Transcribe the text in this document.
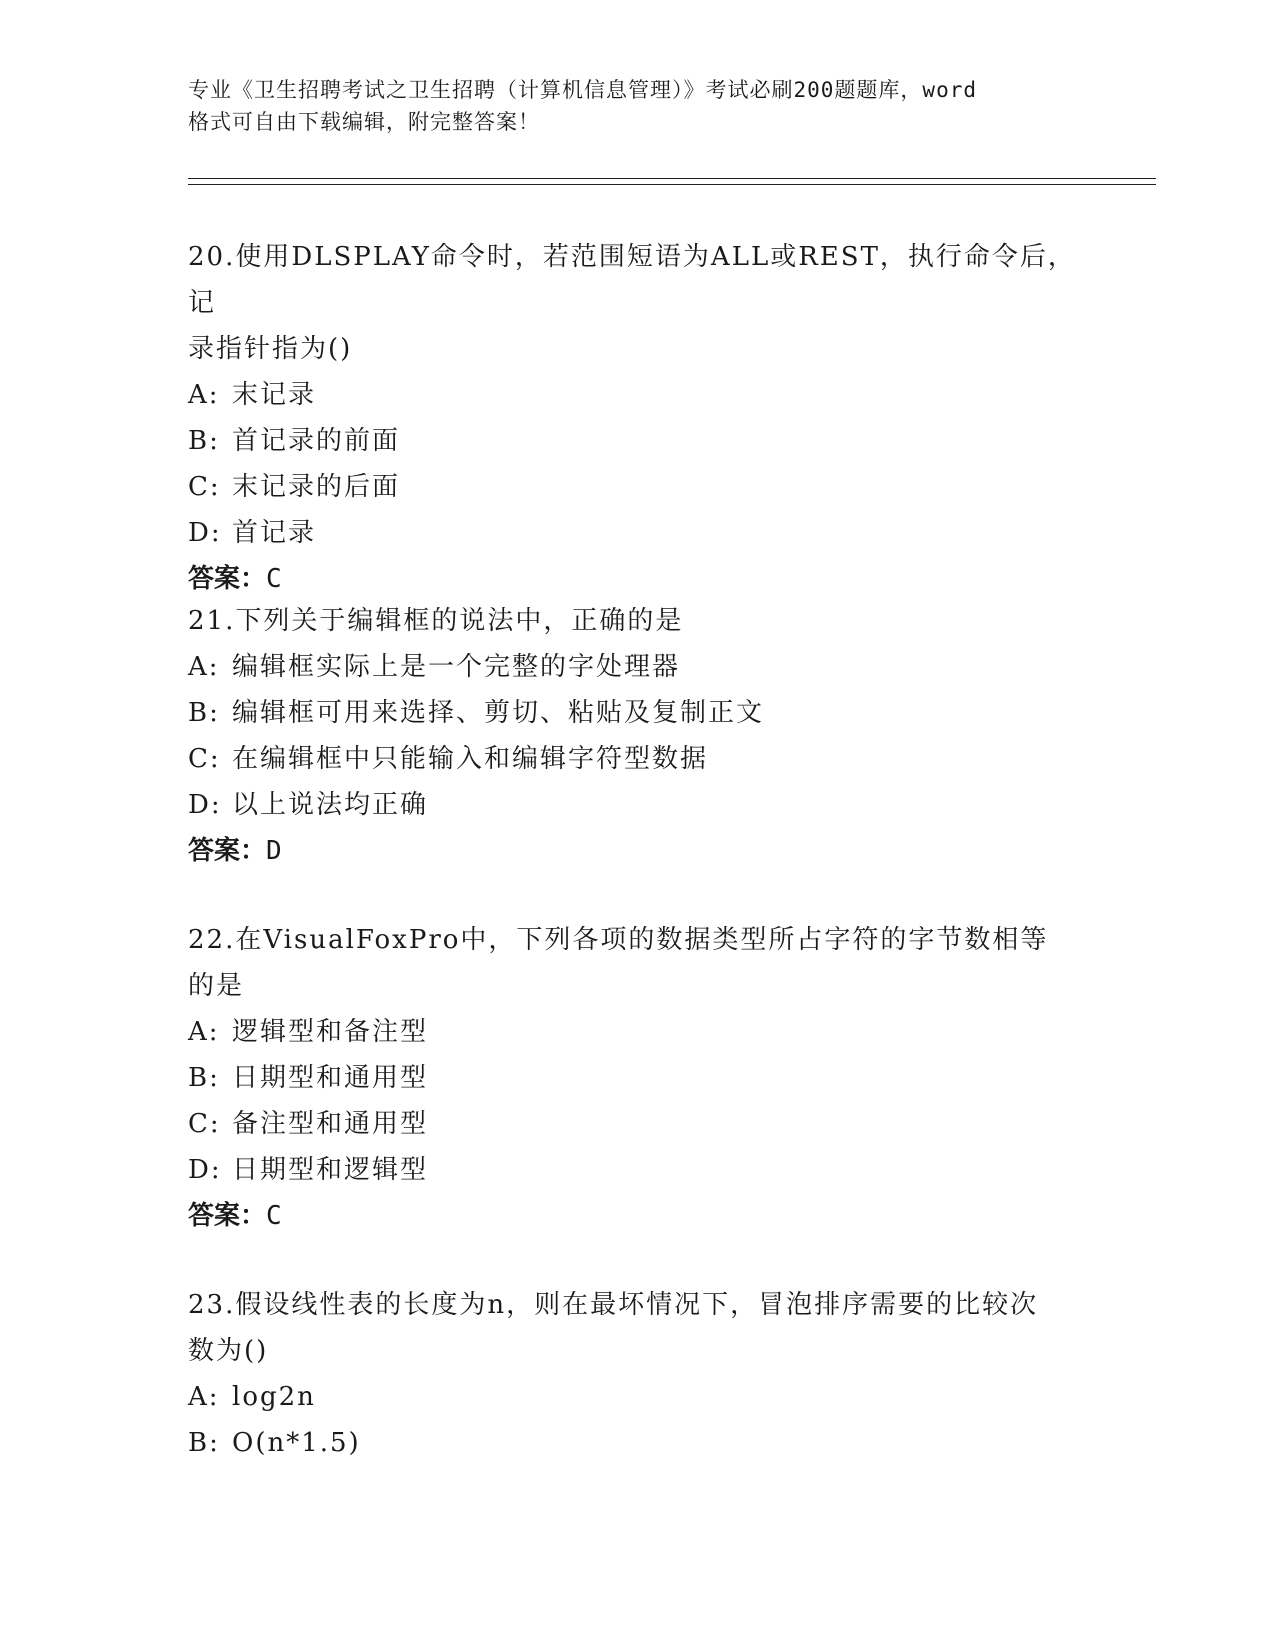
专业《卫生招聘考试之卫生招聘（计算机信息管理）》考试必刷200题题库，word
格式可自由下载编辑，附完整答案！

20.使用DLSPLAY命令时，若范围短语为ALL或REST，执行命令后，记
录指针指为()

A: 末记录

B: 首记录的前面

C: 末记录的后面

D: 首记录

答案：C

21.下列关于编辑框的说法中，正确的是

A: 编辑框实际上是一个完整的字处理器

B: 编辑框可用来选择、剪切、粘贴及复制正文

C: 在编辑框中只能输入和编辑字符型数据

D: 以上说法均正确

答案：D

22.在VisualFoxPro中，下列各项的数据类型所占字符的字节数相等
的是

A: 逻辑型和备注型

B: 日期型和通用型

C: 备注型和通用型

D: 日期型和逻辑型

答案：C

23.假设线性表的长度为n，则在最坏情况下，冒泡排序需要的比较次
数为()

A: log2n

B: O(n*1.5)
